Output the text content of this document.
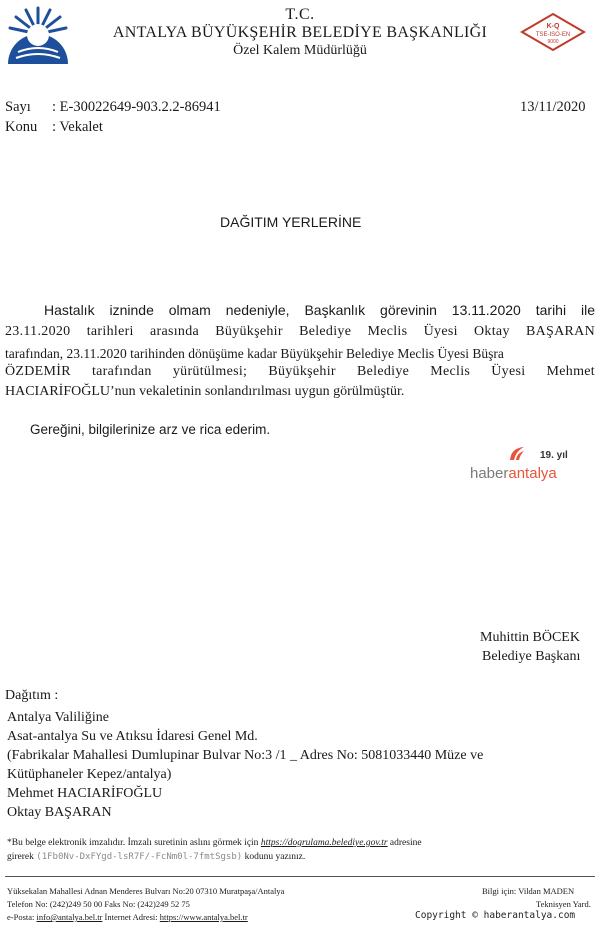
T.C.
ANTALYA BÜYÜKŞEHİR BELEDİYE BAŞKANLIĞI
Özel Kalem Müdürlüğü
K-Q
TSE-ISO-EN
9000
Sayı : E-30022649-903.2.2-86941	13/11/2020
Konu : Vekalet
DAĞITIM YERLERİNE
Hastalık izninde olmam nedeniyle, Başkanlık görevinin 13.11.2020 tarihi ile
23.11.2020 tarihleri arasında Büyükşehir Belediye Meclis Üyesi Oktay BAŞARAN
tarafından, 23.11.2020 tarihinden dönüşüme kadar Büyükşehir Belediye Meclis Üyesi Büşra
ÖZDEMİR tarafından yürütülmesi; Büyükşehir Belediye Meclis Üyesi Mehmet
HACIARİFOĞLU’nun vekaletinin sonlandırılması uygun görülmüştür.
Gereğini, bilgilerinize arz ve rica ederim.
19. yıl
haberantalya
Muhittin BÖCEK
Belediye Başkanı
Dağıtım :
Antalya Valiliğine
Asat-antalya Su ve Atıksu İdaresi Genel Md.
(Fabrikalar Mahallesi Dumlupinar Bulvar No:3 /1 _ Adres No: 5081033440 Müze ve
Kütüphaneler Kepez/antalya)
Mehmet HACIARİFOĞLU
Oktay BAŞARAN
*Bu belge elektronik imzalıdır. İmzalı suretinin aslını görmek için https://dogrulama.belediye.gov.tr adresine
girerek (1Fb0Nv-DxFYgd-lsR7F/-FcNm0l-7fmtSgsb) kodunu yazınız.
Yüksekalan Mahallesi Adnan Menderes Bulvarı No:20 07310 Muratpaşa/Antalya
Telefon No: (242)249 50 00 Faks No: (242)249 52 75
e-Posta: info@antalya.bel.tr İnternet Adresi: https://www.antalya.bel.tr
Bilgi için: Vildan MADEN
Teknisyen Yard.
Copyright © haberantalya.com
